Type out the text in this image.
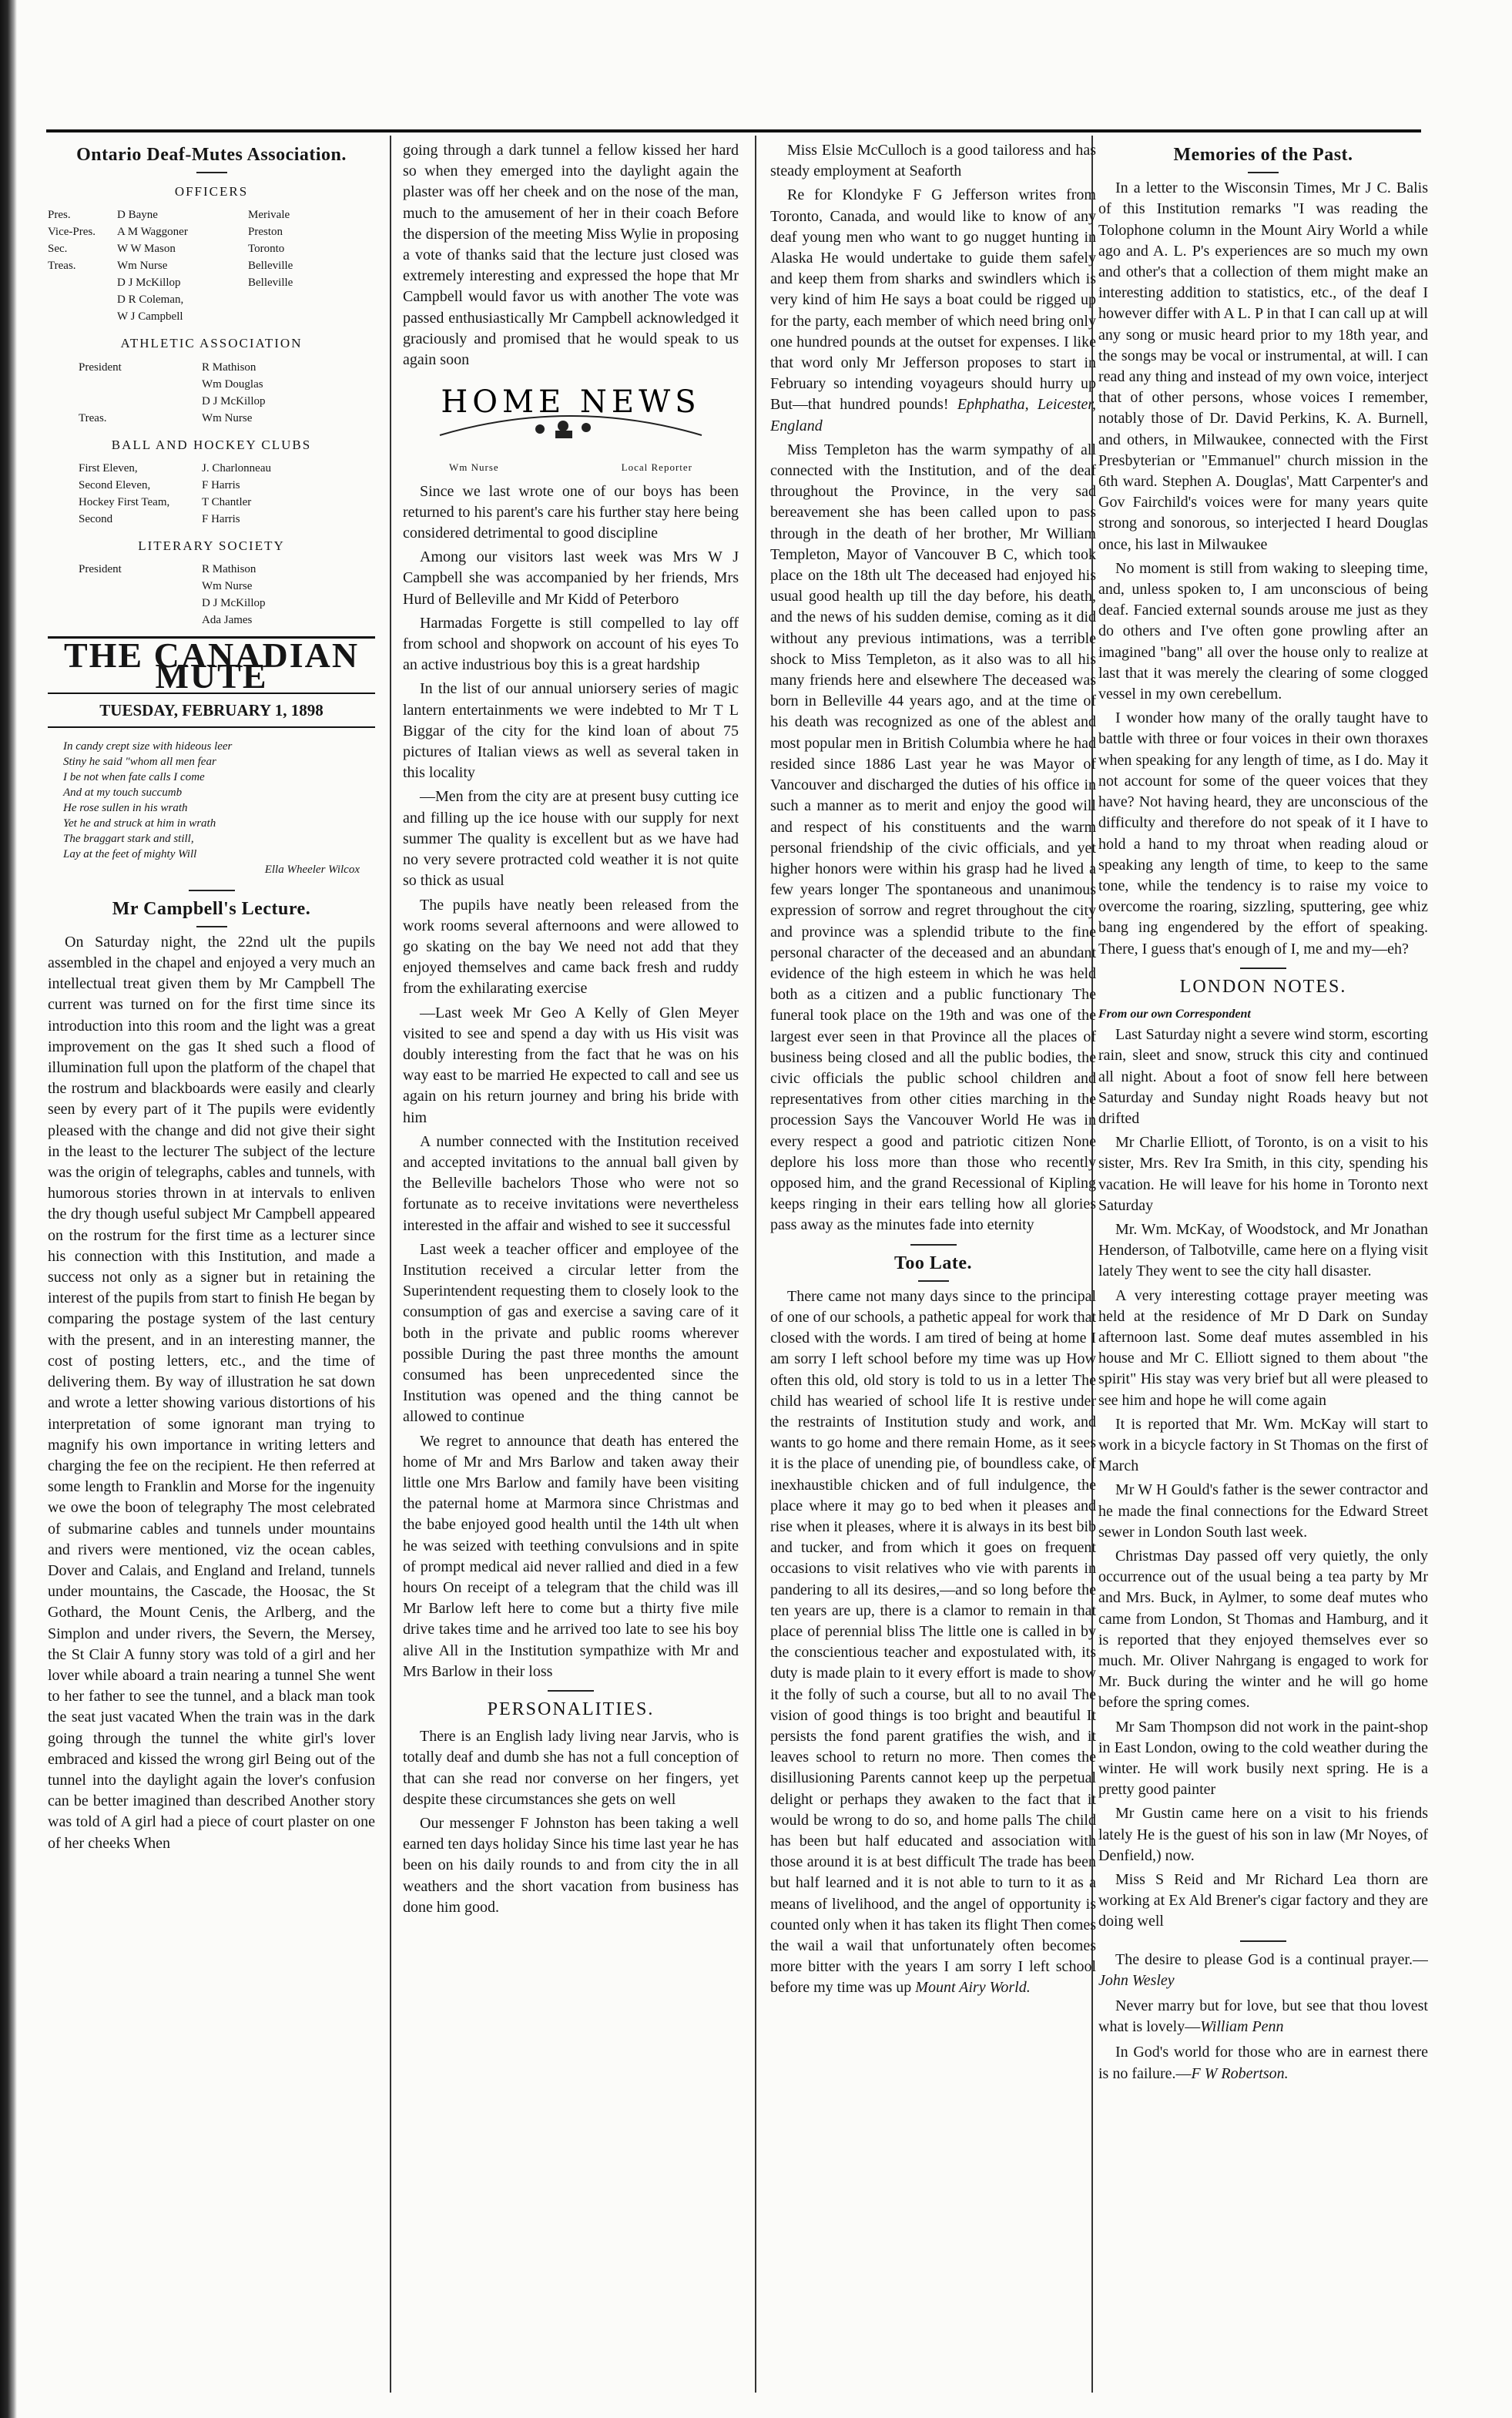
Ontario Deaf-Mutes Association.
OFFICERS
Pres.	D Bayne	Merivale
Vice-Pres.	A M Waggoner	Preston
Sec.	W W Mason	Toronto
Treas.	Wm Nurse	Belleville
D J McKillop	Belleville
D R Coleman,
W J Campbell
ATHLETIC ASSOCIATION
President	R Mathison
Wm Douglas
D J McKillop
Treas.	Wm Nurse
BALL AND HOCKEY CLUBS
First Eleven,	J. Charlonneau
Second Eleven,	F Harris
Hockey First Team,	T Chantler
Second	F Harris
LITERARY SOCIETY
President	R Mathison
Wm Nurse
D J McKillop
Ada James
THE CANADIAN MUTE
TUESDAY, FEBRUARY 1, 1898
In candy crept size with hideous leer
Stiny he said "whom all men fear
I be not when fate calls I come
And at my touch succumb
He rose sullen in his wrath
Yet he and struck at him in wrath
The braggart stark and still,
Lay at the feet of mighty Will
Ella Wheeler Wilcox
Mr Campbell's Lecture.

On Saturday night, the 22nd ult the pupils assembled in the chapel and enjoyed a very much an intellectual treat given them by Mr Campbell The current was turned on for the first time since its introduction into this room and the light was a great improvement on the gas It shed such a flood of illumination full upon the platform of the chapel that the rostrum and blackboards were easily and clearly seen by every part of it The pupils were evidently pleased with the change and did not give their sight in the least to the lecturer The subject of the lecture was the origin of telegraphs, cables and tunnels, with humorous stories thrown in at intervals to enliven the dry though useful subject Mr Campbell appeared on the rostrum for the first time as a lecturer since his connection with this Institution, and made a success not only as a signer but in retaining the interest of the pupils from start to finish He began by comparing the postage system of the last century with the present, and in an interesting manner, the cost of posting letters, etc., and the time of delivering them. By way of illustration he sat down and wrote a letter showing various distortions of his interpretation of some ignorant man trying to magnify his own importance in writing letters and charging the fee on the recipient. He then referred at some length to Franklin and Morse for the ingenuity we owe the boon of telegraphy The most celebrated of submarine cables and tunnels under mountains and rivers were mentioned, viz the ocean cables, Dover and Calais, and England and Ireland, tunnels under mountains, the Cascade, the Hoosac, the St Gothard, the Mount Cenis, the Arlberg, and the Simplon and under rivers, the Severn, the Mersey, the St Clair A funny story was told of a girl and her lover while aboard a train nearing a tunnel She went to her father to see the tunnel, and a black man took the seat just vacated When the train was in the dark going through the tunnel the white girl's lover embraced and kissed the wrong girl Being out of the tunnel into the daylight again the lover's confusion can be better imagined than described Another story was told of A girl had a piece of court plaster on one of her cheeks When

going through a dark tunnel a fellow kissed her hard so when they emerged into the daylight again the plaster was off her cheek and on the nose of the man, much to the amusement of her in their coach Before the dispersion of the meeting Miss Wylie in proposing a vote of thanks said that the lecture just closed was extremely interesting and expressed the hope that Mr Campbell would favor us with another The vote was passed enthusiastically Mr Campbell acknowledged it graciously and promised that he would speak to us again soon

HOME NEWS
Wm Nurse	Local Reporter

Since we last wrote one of our boys has been returned to his parent's care his further stay here being considered detrimental to good discipline

Among our visitors last week was Mrs W J Campbell she was accompanied by her friends, Mrs Hurd of Belleville and Mr Kidd of Peterboro

Harmadas Forgette is still compelled to lay off from school and shopwork on account of his eyes To an active industrious boy this is a great hardship

In the list of our annual uniorsery series of magic lantern entertainments we were indebted to Mr T L Biggar of the city for the kind loan of about 75 pictures of Italian views as well as several taken in this locality

—Men from the city are at present busy cutting ice and filling up the ice house with our supply for next summer The quality is excellent but as we have had no very severe protracted cold weather it is not quite so thick as usual

The pupils have neatly been released from the work rooms several afternoons and were allowed to go skating on the bay We need not add that they enjoyed themselves and came back fresh and ruddy from the exhilarating exercise

—Last week Mr Geo A Kelly of Glen Meyer visited to see and spend a day with us His visit was doubly interesting from the fact that he was on his way east to be married He expected to call and see us again on his return journey and bring his bride with him

A number connected with the Institution received and accepted invitations to the annual ball given by the Belleville bachelors Those who were not so fortunate as to receive invitations were nevertheless interested in the affair and wished to see it successful

Last week a teacher officer and employee of the Institution received a circular letter from the Superintendent requesting them to closely look to the consumption of gas and exercise a saving care of it both in the private and public rooms wherever possible During the past three months the amount consumed has been unprecedented since the Institution was opened and the thing cannot be allowed to continue

We regret to announce that death has entered the home of Mr and Mrs Barlow and taken away their little one Mrs Barlow and family have been visiting the paternal home at Marmora since Christmas and the babe enjoyed good health until the 14th ult when he was seized with teething convulsions and in spite of prompt medical aid never rallied and died in a few hours On receipt of a telegram that the child was ill Mr Barlow left here to come but a thirty five mile drive takes time and he arrived too late to see his boy alive All in the Institution sympathize with Mr and Mrs Barlow in their loss

PERSONALITIES.

There is an English lady living near Jarvis, who is totally deaf and dumb she has not a full conception of that can she read nor converse on her fingers, yet despite these circumstances she gets on well

Our messenger F Johnston has been taking a well earned ten days holiday Since his time last year he has been on his daily rounds to and from city the in all weathers and the short vacation from business has done him good.

Miss Elsie McCulloch is a good tailoress and has steady employment at Seaforth

Re for Klondyke F G Jefferson writes from Toronto, Canada, and would like to know of any deaf young men who want to go nugget hunting in Alaska He would undertake to guide them safely and keep them from sharks and swindlers which is very kind of him He says a boat could be rigged up for the party, each member of which need bring only one hundred pounds at the outset for expenses. I like that word only Mr Jefferson proposes to start in February so intending voyageurs should hurry up But—that hundred pounds! Ephphatha, Leicester, England

Miss Templeton has the warm sympathy of all connected with the Institution, and of the deaf throughout the Province, in the very sad bereavement she has been called upon to pass through in the death of her brother, Mr William Templeton, Mayor of Vancouver B C, which took place on the 18th ult The deceased had enjoyed his usual good health up till the day before, his death, and the news of his sudden demise, coming as it did without any previous intimations, was a terrible shock to Miss Templeton, as it also was to all his many friends here and elsewhere The deceased was born in Belleville 44 years ago, and at the time of his death was recognized as one of the ablest and most popular men in British Columbia where he had resided since 1886 Last year he was Mayor of Vancouver and discharged the duties of his office in such a manner as to merit and enjoy the good will and respect of his constituents and the warm personal friendship of the civic officials, and yet higher honors were within his grasp had he lived a few years longer The spontaneous and unanimous expression of sorrow and regret throughout the city and province was a splendid tribute to the fine personal character of the deceased and an abundant evidence of the high esteem in which he was held both as a citizen and a public functionary The funeral took place on the 19th and was one of the largest ever seen in that Province all the places of business being closed and all the public bodies, the civic officials the public school children and representatives from other cities marching in the procession Says the Vancouver World He was in every respect a good and patriotic citizen None deplore his loss more than those who recently opposed him, and the grand Recessional of Kipling keeps ringing in their ears telling how all glories pass away as the minutes fade into eternity

Too Late.

There came not many days since to the principal of one of our schools, a pathetic appeal for work that closed with the words. I am tired of being at home I am sorry I left school before my time was up How often this old, old story is told to us in a letter The child has wearied of school life It is restive under the restraints of Institution study and work, and wants to go home and there remain Home, as it sees it is the place of unending pie, of boundless cake, of inexhaustible chicken and of full indulgence, the place where it may go to bed when it pleases and rise when it pleases, where it is always in its best bib and tucker, and from which it goes on frequent occasions to visit relatives who vie with parents in pandering to all its desires,—and so long before the ten years are up, there is a clamor to remain in that place of perennial bliss The little one is called in by the conscientious teacher and expostulated with, its duty is made plain to it every effort is made to show it the folly of such a course, but all to no avail The vision of good things is too bright and beautiful It persists the fond parent gratifies the wish, and it leaves school to return no more. Then comes the disillusioning Parents cannot keep up the perpetual delight or perhaps they awaken to the fact that it would be wrong to do so, and home palls The child has been but half educated and association with those around it is at best difficult The trade has been but half learned and it is not able to turn to it as a means of livelihood, and the angel of opportunity is counted only when it has taken its flight Then comes the wail a wail that unfortunately often becomes more bitter with the years I am sorry I left school before my time was up Mount Airy World.

Memories of the Past.

In a letter to the Wisconsin Times, Mr J C. Balis of this Institution remarks "I was reading the Tolophone column in the Mount Airy World a while ago and A. L. P's experiences are so much my own and other's that a collection of them might make an interesting addition to statistics, etc., of the deaf I however differ with A L. P in that I can call up at will any song or music heard prior to my 18th year, and the songs may be vocal or instrumental, at will. I can read any thing and instead of my own voice, interject that of other persons, whose voices I remember, notably those of Dr. David Perkins, K. A. Burnell, and others, in Milwaukee, connected with the First Presbyterian or "Emmanuel" church mission in the 6th ward. Stephen A. Douglas', Matt Carpenter's and Gov Fairchild's voices were for many years quite strong and sonorous, so interjected I heard Douglas once, his last in Milwaukee

No moment is still from waking to sleeping time, and, unless spoken to, I am unconscious of being deaf. Fancied external sounds arouse me just as they do others and I've often gone prowling after an imagined "bang" all over the house only to realize at last that it was merely the clearing of some clogged vessel in my own cerebellum.

I wonder how many of the orally taught have to battle with three or four voices in their own thoraxes when speaking for any length of time, as I do. May it not account for some of the queer voices that they have? Not having heard, they are unconscious of the difficulty and therefore do not speak of it I have to hold a hand to my throat when reading aloud or speaking any length of time, to keep to the same tone, while the tendency is to raise my voice to overcome the roaring, sizzling, sputtering, gee whiz bang ing engendered by the effort of speaking. There, I guess that's enough of I, me and my—eh?

LONDON NOTES.
From our own Correspondent

Last Saturday night a severe wind storm, escorting rain, sleet and snow, struck this city and continued all night. About a foot of snow fell here between Saturday and Sunday night Roads heavy but not drifted

Mr Charlie Elliott, of Toronto, is on a visit to his sister, Mrs. Rev Ira Smith, in this city, spending his vacation. He will leave for his home in Toronto next Saturday

Mr. Wm. McKay, of Woodstock, and Mr Jonathan Henderson, of Talbotville, came here on a flying visit lately They went to see the city hall disaster.

A very interesting cottage prayer meeting was held at the residence of Mr D Dark on Sunday afternoon last. Some deaf mutes assembled in his house and Mr C. Elliott signed to them about "the spirit" His stay was very brief but all were pleased to see him and hope he will come again

It is reported that Mr. Wm. McKay will start to work in a bicycle factory in St Thomas on the first of March

Mr W H Gould's father is the sewer contractor and he made the final connections for the Edward Street sewer in London South last week.

Christmas Day passed off very quietly, the only occurrence out of the usual being a tea party by Mr and Mrs. Buck, in Aylmer, to some deaf mutes who came from London, St Thomas and Hamburg, and it is reported that they enjoyed themselves ever so much. Mr. Oliver Nahrgang is engaged to work for Mr. Buck during the winter and he will go home before the spring comes.

Mr Sam Thompson did not work in the paint-shop in East London, owing to the cold weather during the winter. He will work busily next spring. He is a pretty good painter

Mr Gustin came here on a visit to his friends lately He is the guest of his son in law (Mr Noyes, of Denfield,) now.

Miss S Reid and Mr Richard Lea thorn are working at Ex Ald Brener's cigar factory and they are doing well

The desire to please God is a continual prayer.—John Wesley
Never marry but for love, but see that thou lovest what is lovely—William Penn
In God's world for those who are in earnest there is no failure.—F W Robertson.
